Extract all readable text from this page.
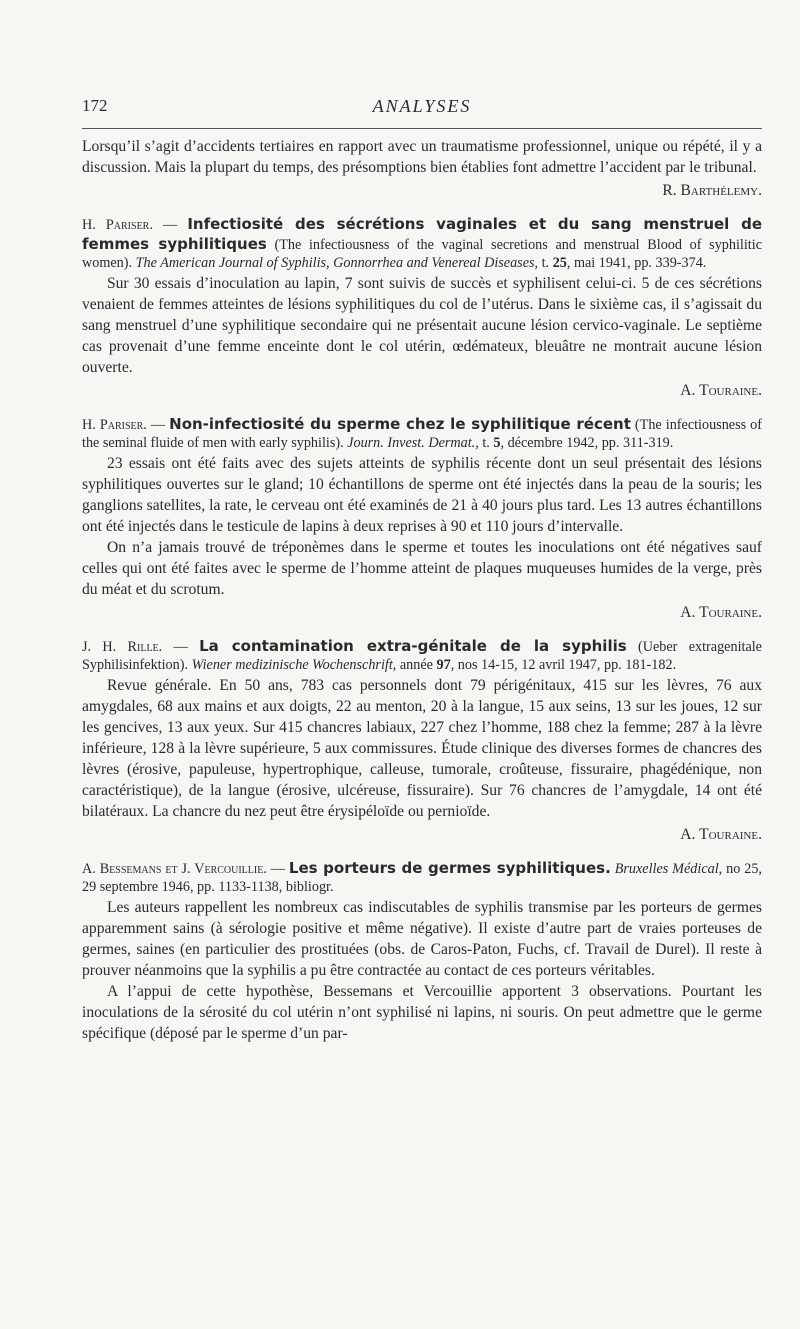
172	ANALYSES

Lorsqu’il s’agit d’accidents tertiaires en rapport avec un traumatisme professionnel, unique ou répété, il y a discussion. Mais la plupart du temps, des présomptions bien établies font admettre l’accident par le tribunal.

R. Barthélemy.

H. Pariser. — Infectiosité des sécrétions vaginales et du sang menstruel de femmes syphilitiques (The infectiousness of the vaginal secretions and menstrual Blood of syphilitic women). The American Journal of Syphilis, Gonnorrhea and Venereal Diseases, t. 25, mai 1941, pp. 339-374.

Sur 30 essais d’inoculation au lapin, 7 sont suivis de succès et syphilisent celui-ci. 5 de ces sécrétions venaient de femmes atteintes de lésions syphilitiques du col de l’utérus. Dans le sixième cas, il s’agissait du sang menstruel d’une syphilitique secondaire qui ne présentait aucune lésion cervico-vaginale. Le septième cas provenait d’une femme enceinte dont le col utérin, œdémateux, bleuâtre ne montrait aucune lésion ouverte.

A. Touraine.

H. Pariser. — Non-infectiosité du sperme chez le syphilitique récent (The infectiousness of the seminal fluide of men with early syphilis). Journ. Invest. Dermat., t. 5, décembre 1942, pp. 311-319.

23 essais ont été faits avec des sujets atteints de syphilis récente dont un seul présentait des lésions syphilitiques ouvertes sur le gland; 10 échantillons de sperme ont été injectés dans la peau de la souris; les ganglions satellites, la rate, le cerveau ont été examinés de 21 à 40 jours plus tard. Les 13 autres échantillons ont été injectés dans le testicule de lapins à deux reprises à 90 et 110 jours d’intervalle.

On n’a jamais trouvé de tréponèmes dans le sperme et toutes les inoculations ont été négatives sauf celles qui ont été faites avec le sperme de l’homme atteint de plaques muqueuses humides de la verge, près du méat et du scrotum.

A. Touraine.

J. H. Rille. — La contamination extra-génitale de la syphilis (Ueber extragenitale Syphilisinfektion). Wiener medizinische Wochenschrift, année 97, nos 14-15, 12 avril 1947, pp. 181-182.

Revue générale. En 50 ans, 783 cas personnels dont 79 périgénitaux, 415 sur les lèvres, 76 aux amygdales, 68 aux mains et aux doigts, 22 au menton, 20 à la langue, 15 aux seins, 13 sur les joues, 12 sur les gencives, 13 aux yeux. Sur 415 chancres labiaux, 227 chez l’homme, 188 chez la femme; 287 à la lèvre inférieure, 128 à la lèvre supérieure, 5 aux commissures. Étude clinique des diverses formes de chancres des lèvres (érosive, papuleuse, hypertrophique, calleuse, tumorale, croûteuse, fissuraire, phagédénique, non caractéristique), de la langue (érosive, ulcéreuse, fissuraire). Sur 76 chancres de l’amygdale, 14 ont été bilatéraux. La chancre du nez peut être érysipéloïde ou pernioïde.

A. Touraine.

A. Bessemans et J. Vercouillie. — Les porteurs de germes syphilitiques. Bruxelles Médical, no 25, 29 septembre 1946, pp. 1133-1138, bibliogr.

Les auteurs rappellent les nombreux cas indiscutables de syphilis transmise par les porteurs de germes apparemment sains (à sérologie positive et même négative). Il existe d’autre part de vraies porteuses de germes, saines (en particulier des prostituées (obs. de Caros-Paton, Fuchs, cf. Travail de Durel). Il reste à prouver néanmoins que la syphilis a pu être contractée au contact de ces porteurs véritables.

A l’appui de cette hypothèse, Bessemans et Vercouillie apportent 3 observations. Pourtant les inoculations de la sérosité du col utérin n’ont syphilisé ni lapins, ni souris. On peut admettre que le germe spécifique (déposé par le sperme d’un par-
